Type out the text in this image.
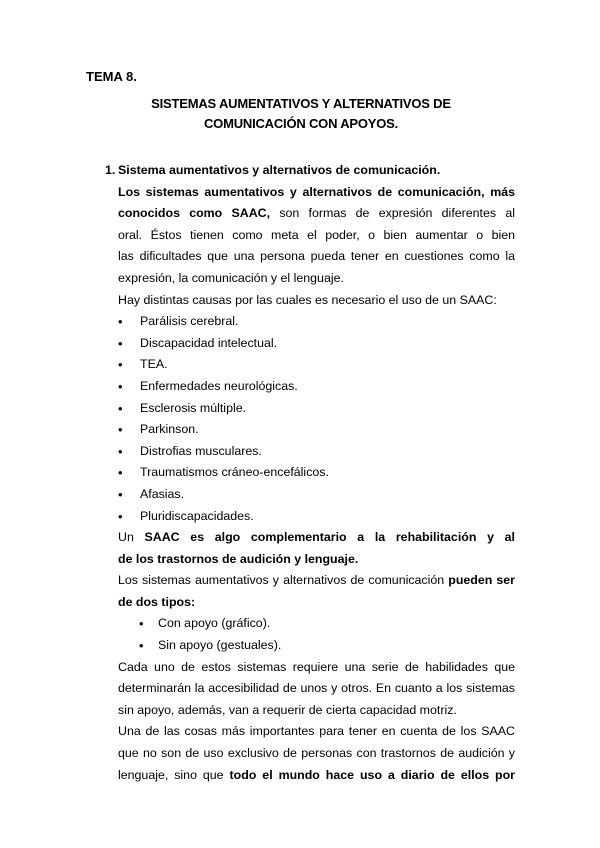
TEMA 8.
SISTEMAS AUMENTATIVOS Y ALTERNATIVOS DE
COMUNICACIÓN CON APOYOS.
1. Sistema aumentativos y alternativos de comunicación.
Los sistemas aumentativos y alternativos de comunicación, más
conocidos como SAAC, son formas de expresión diferentes al
oral. Éstos tienen como meta el poder, o bien aumentar o bien
las dificultades que una persona pueda tener en cuestiones como la
expresión, la comunicación y el lenguaje.
Hay distintas causas por las cuales es necesario el uso de un SAAC:
• Parálisis cerebral.
• Discapacidad intelectual.
• TEA.
• Enfermedades neurológicas.
• Esclerosis múltiple.
• Parkinson.
• Distrofias musculares.
• Traumatismos cráneo-encefálicos.
• Afasias.
• Pluridiscapacidades.
Un SAAC es algo complementario a la rehabilitación y al
de los trastornos de audición y lenguaje.
Los sistemas aumentativos y alternativos de comunicación pueden ser
de dos tipos:
• Con apoyo (gráfico).
• Sin apoyo (gestuales).
Cada uno de estos sistemas requiere una serie de habilidades que
determinarán la accesibilidad de unos y otros. En cuanto a los sistemas
sin apoyo, además, van a requerir de cierta capacidad motriz.
Una de las cosas más importantes para tener en cuenta de los SAAC
que no son de uso exclusivo de personas con trastornos de audición y
lenguaje, sino que todo el mundo hace uso a diario de ellos por
